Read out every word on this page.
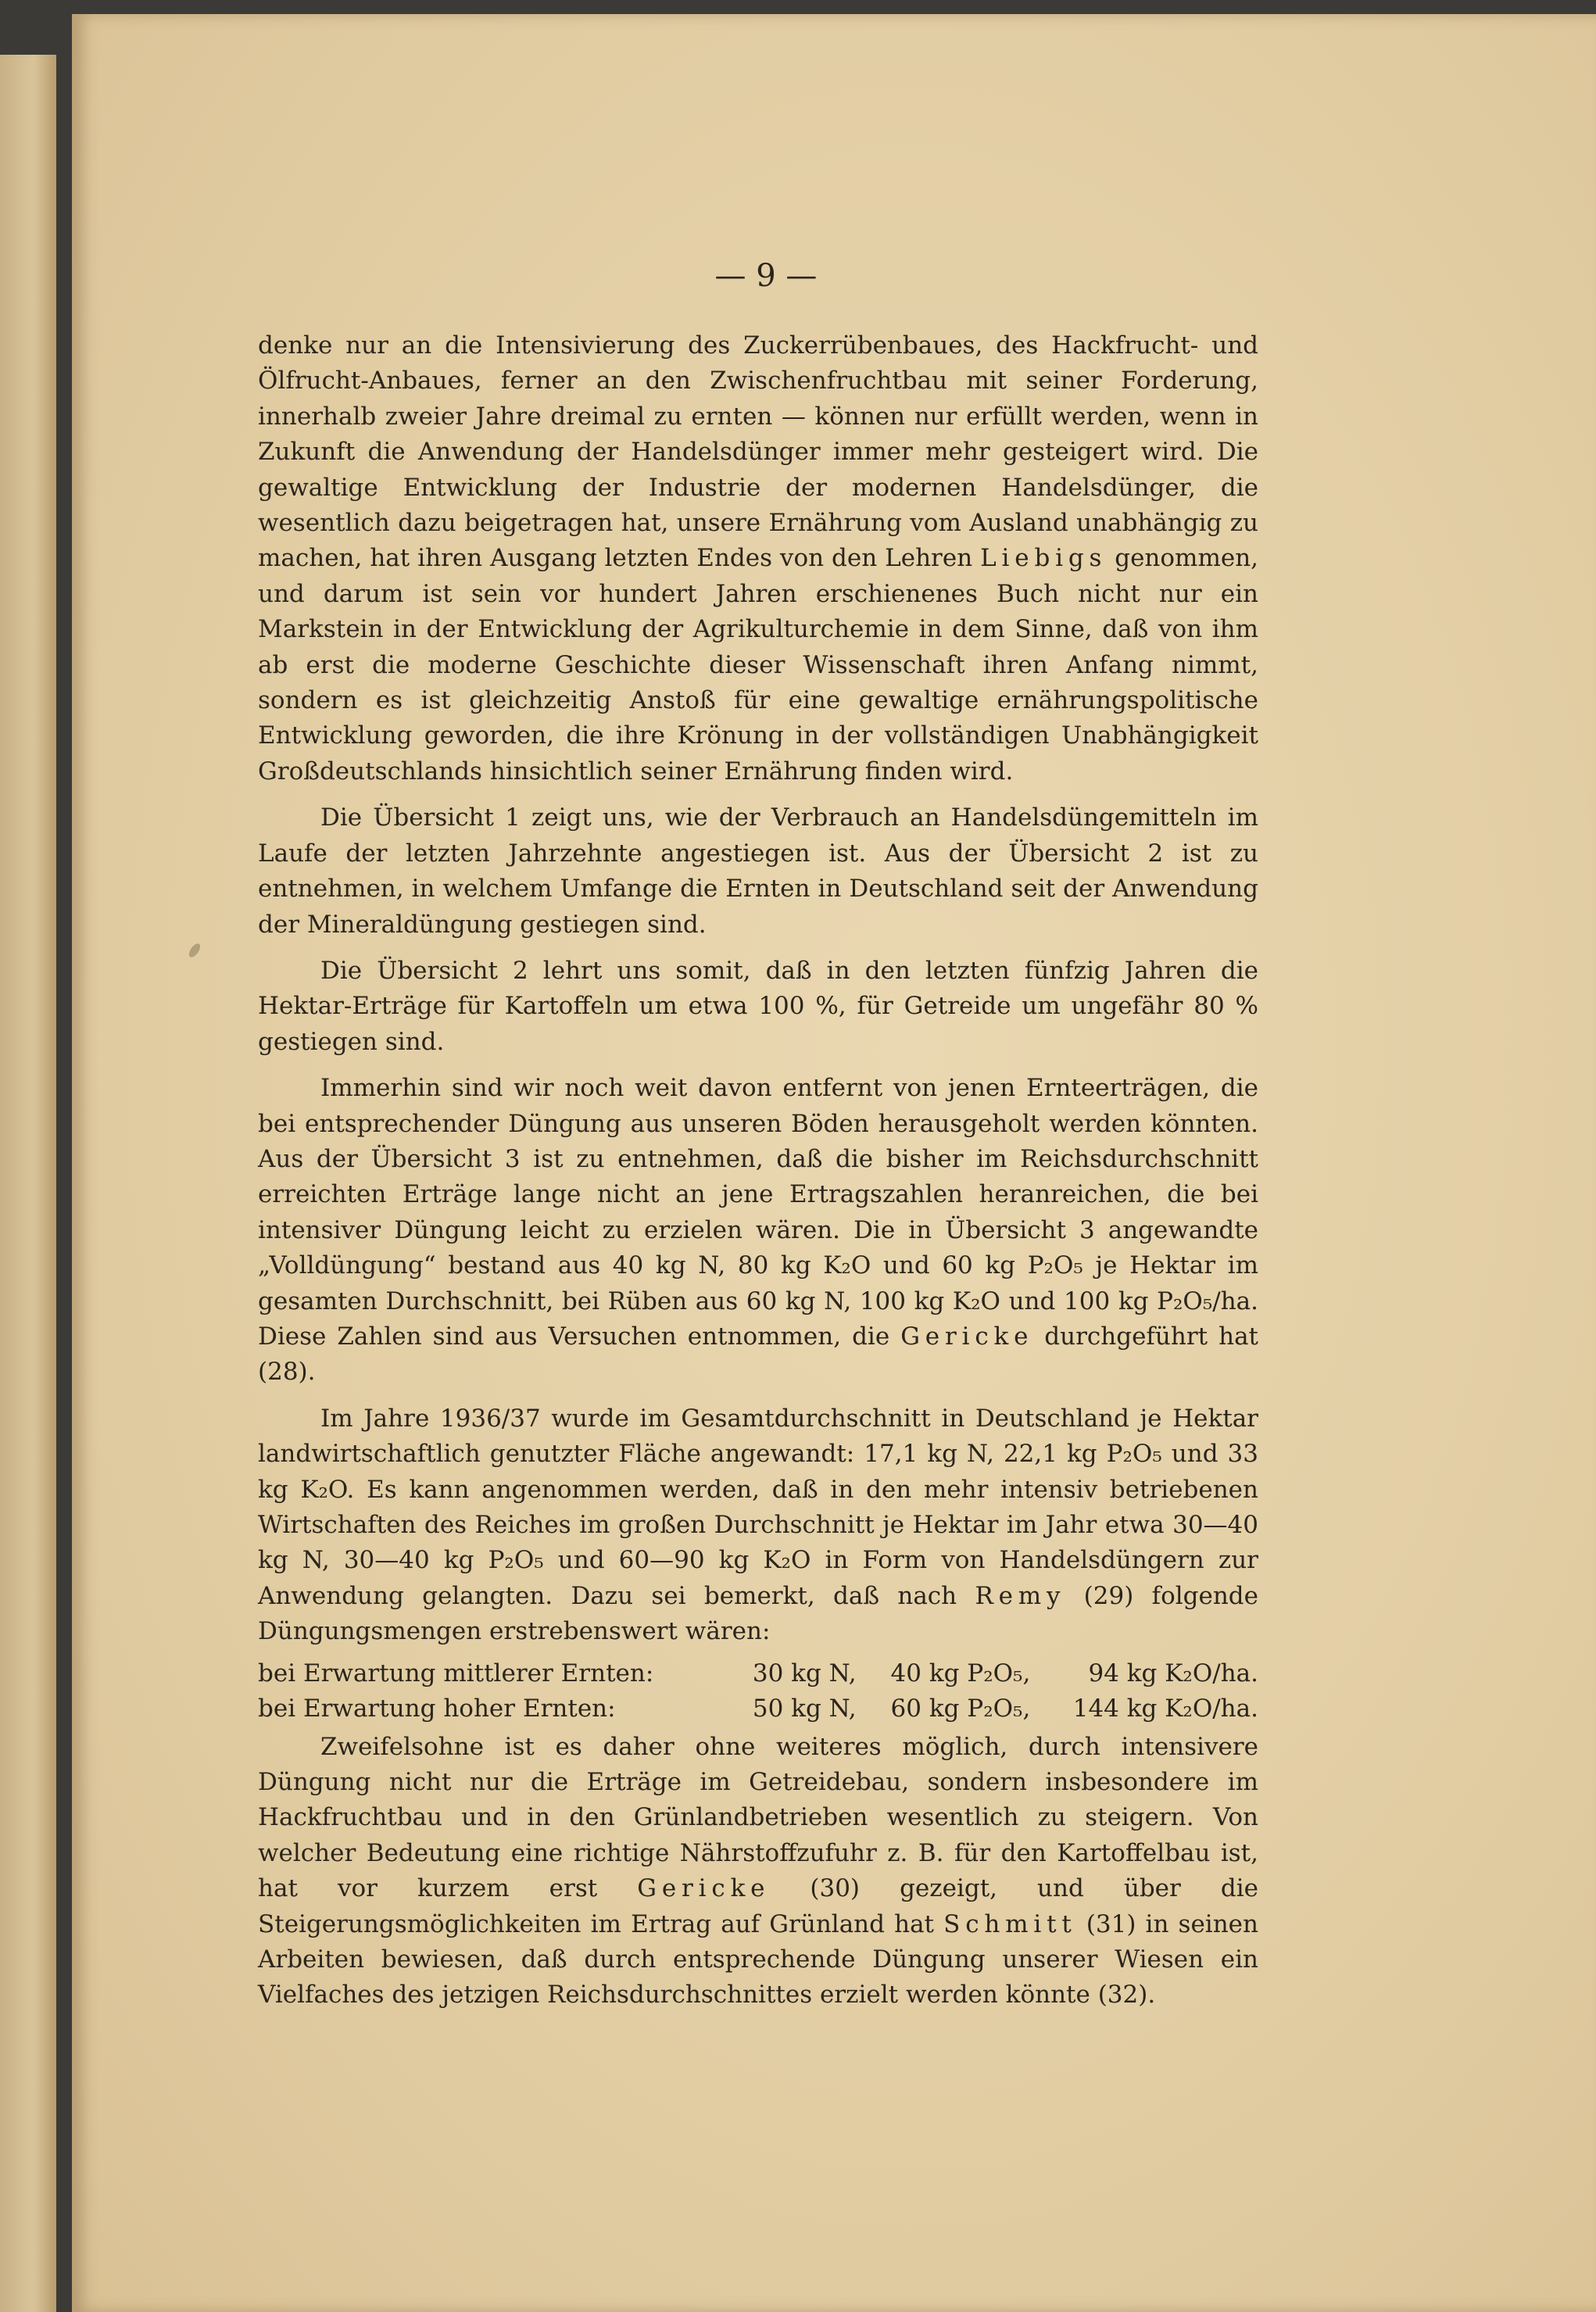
— 9 —

denke nur an die Intensivierung des Zuckerrübenbaues, des Hackfrucht- und Ölfrucht-Anbaues, ferner an den Zwischenfruchtbau mit seiner Forderung, innerhalb zweier Jahre dreimal zu ernten — können nur erfüllt werden, wenn in Zukunft die Anwendung der Handelsdünger immer mehr gesteigert wird. Die gewaltige Entwicklung der Industrie der modernen Handelsdünger, die wesentlich dazu beigetragen hat, unsere Ernährung vom Ausland unabhängig zu machen, hat ihren Ausgang letzten Endes von den Lehren Liebigs genommen, und darum ist sein vor hundert Jahren erschienenes Buch nicht nur ein Markstein in der Entwicklung der Agrikulturchemie in dem Sinne, daß von ihm ab erst die moderne Geschichte dieser Wissenschaft ihren Anfang nimmt, sondern es ist gleichzeitig Anstoß für eine gewaltige ernährungspolitische Entwicklung geworden, die ihre Krönung in der vollständigen Unabhängigkeit Großdeutschlands hinsichtlich seiner Ernährung finden wird.

Die Übersicht 1 zeigt uns, wie der Verbrauch an Handelsdüngemitteln im Laufe der letzten Jahrzehnte angestiegen ist. Aus der Übersicht 2 ist zu entnehmen, in welchem Umfange die Ernten in Deutschland seit der Anwendung der Mineraldüngung gestiegen sind.

Die Übersicht 2 lehrt uns somit, daß in den letzten fünfzig Jahren die Hektar-Erträge für Kartoffeln um etwa 100 %, für Getreide um ungefähr 80 % gestiegen sind.

Immerhin sind wir noch weit davon entfernt von jenen Ernteerträgen, die bei entsprechender Düngung aus unseren Böden herausgeholt werden könnten. Aus der Übersicht 3 ist zu entnehmen, daß die bisher im Reichsdurchschnitt erreichten Erträge lange nicht an jene Ertragszahlen heranreichen, die bei intensiver Düngung leicht zu erzielen wären. Die in Übersicht 3 angewandte „Volldüngung“ bestand aus 40 kg N, 80 kg K₂O und 60 kg P₂O₅ je Hektar im gesamten Durchschnitt, bei Rüben aus 60 kg N, 100 kg K₂O und 100 kg P₂O₅/ha. Diese Zahlen sind aus Versuchen entnommen, die Gericke durchgeführt hat (28).

Im Jahre 1936/37 wurde im Gesamtdurchschnitt in Deutschland je Hektar landwirtschaftlich genutzter Fläche angewandt: 17,1 kg N, 22,1 kg P₂O₅ und 33 kg K₂O. Es kann angenommen werden, daß in den mehr intensiv betriebenen Wirtschaften des Reiches im großen Durchschnitt je Hektar im Jahr etwa 30—40 kg N, 30—40 kg P₂O₅ und 60—90 kg K₂O in Form von Handelsdüngern zur Anwendung gelangten. Dazu sei bemerkt, daß nach Remy (29) folgende Düngungsmengen erstrebenswert wären:

bei Erwartung mittlerer Ernten:	30 kg N,	40 kg P₂O₅,	94 kg K₂O/ha.
bei Erwartung hoher Ernten:	50 kg N,	60 kg P₂O₅,	144 kg K₂O/ha.

Zweifelsohne ist es daher ohne weiteres möglich, durch intensivere Düngung nicht nur die Erträge im Getreidebau, sondern insbesondere im Hackfruchtbau und in den Grünlandbetrieben wesentlich zu steigern. Von welcher Bedeutung eine richtige Nährstoffzufuhr z. B. für den Kartoffelbau ist, hat vor kurzem erst Gericke (30) gezeigt, und über die Steigerungsmöglichkeiten im Ertrag auf Grünland hat Schmitt (31) in seinen Arbeiten bewiesen, daß durch entsprechende Düngung unserer Wiesen ein Vielfaches des jetzigen Reichsdurchschnittes erzielt werden könnte (32).
